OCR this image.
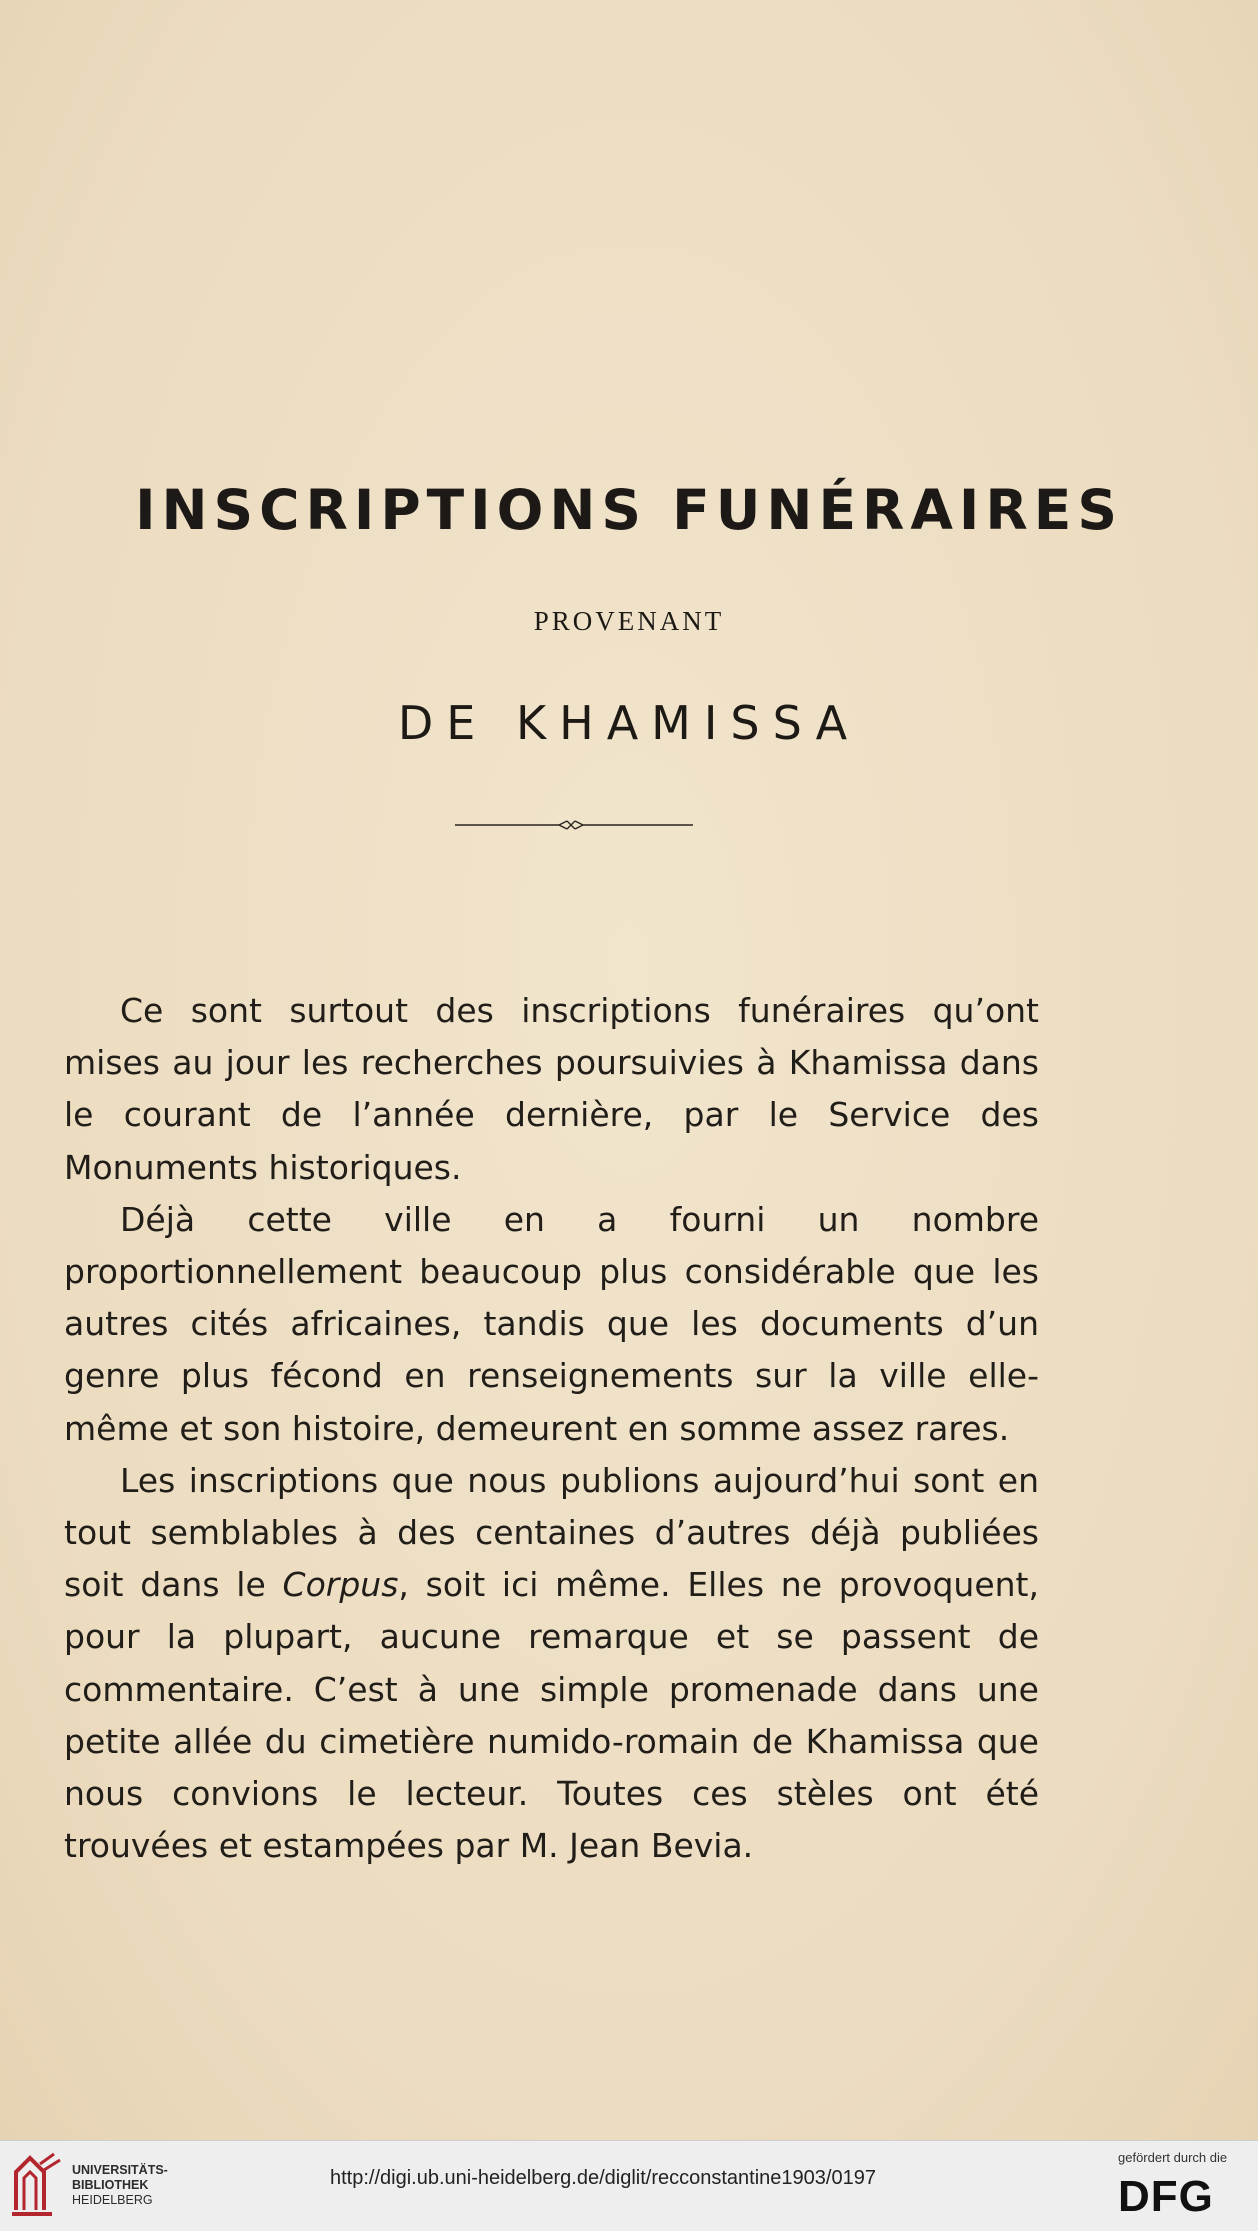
INSCRIPTIONS FUNÉRAIRES
PROVENANT
DE KHAMISSA

Ce sont surtout des inscriptions funéraires qu’ont mises au jour les recherches poursuivies à Khamissa dans le courant de l’année dernière, par le Service des Monuments historiques.

Déjà cette ville en a fourni un nombre proportionnellement beaucoup plus considérable que les autres cités africaines, tandis que les documents d’un genre plus fécond en renseignements sur la ville elle-même et son histoire, demeurent en somme assez rares.

Les inscriptions que nous publions aujourd’hui sont en tout semblables à des centaines d’autres déjà publiées soit dans le Corpus, soit ici même. Elles ne provoquent, pour la plupart, aucune remarque et se passent de commentaire. C’est à une simple promenade dans une petite allée du cimetière numido-romain de Khamissa que nous convions le lecteur. Toutes ces stèles ont été trouvées et estampées par M. Jean Bevia.

UNIVERSITÄTS-
BIBLIOTHEK
HEIDELBERG
http://digi.ub.uni-heidelberg.de/diglit/recconstantine1903/0197
gefördert durch die
DFG
